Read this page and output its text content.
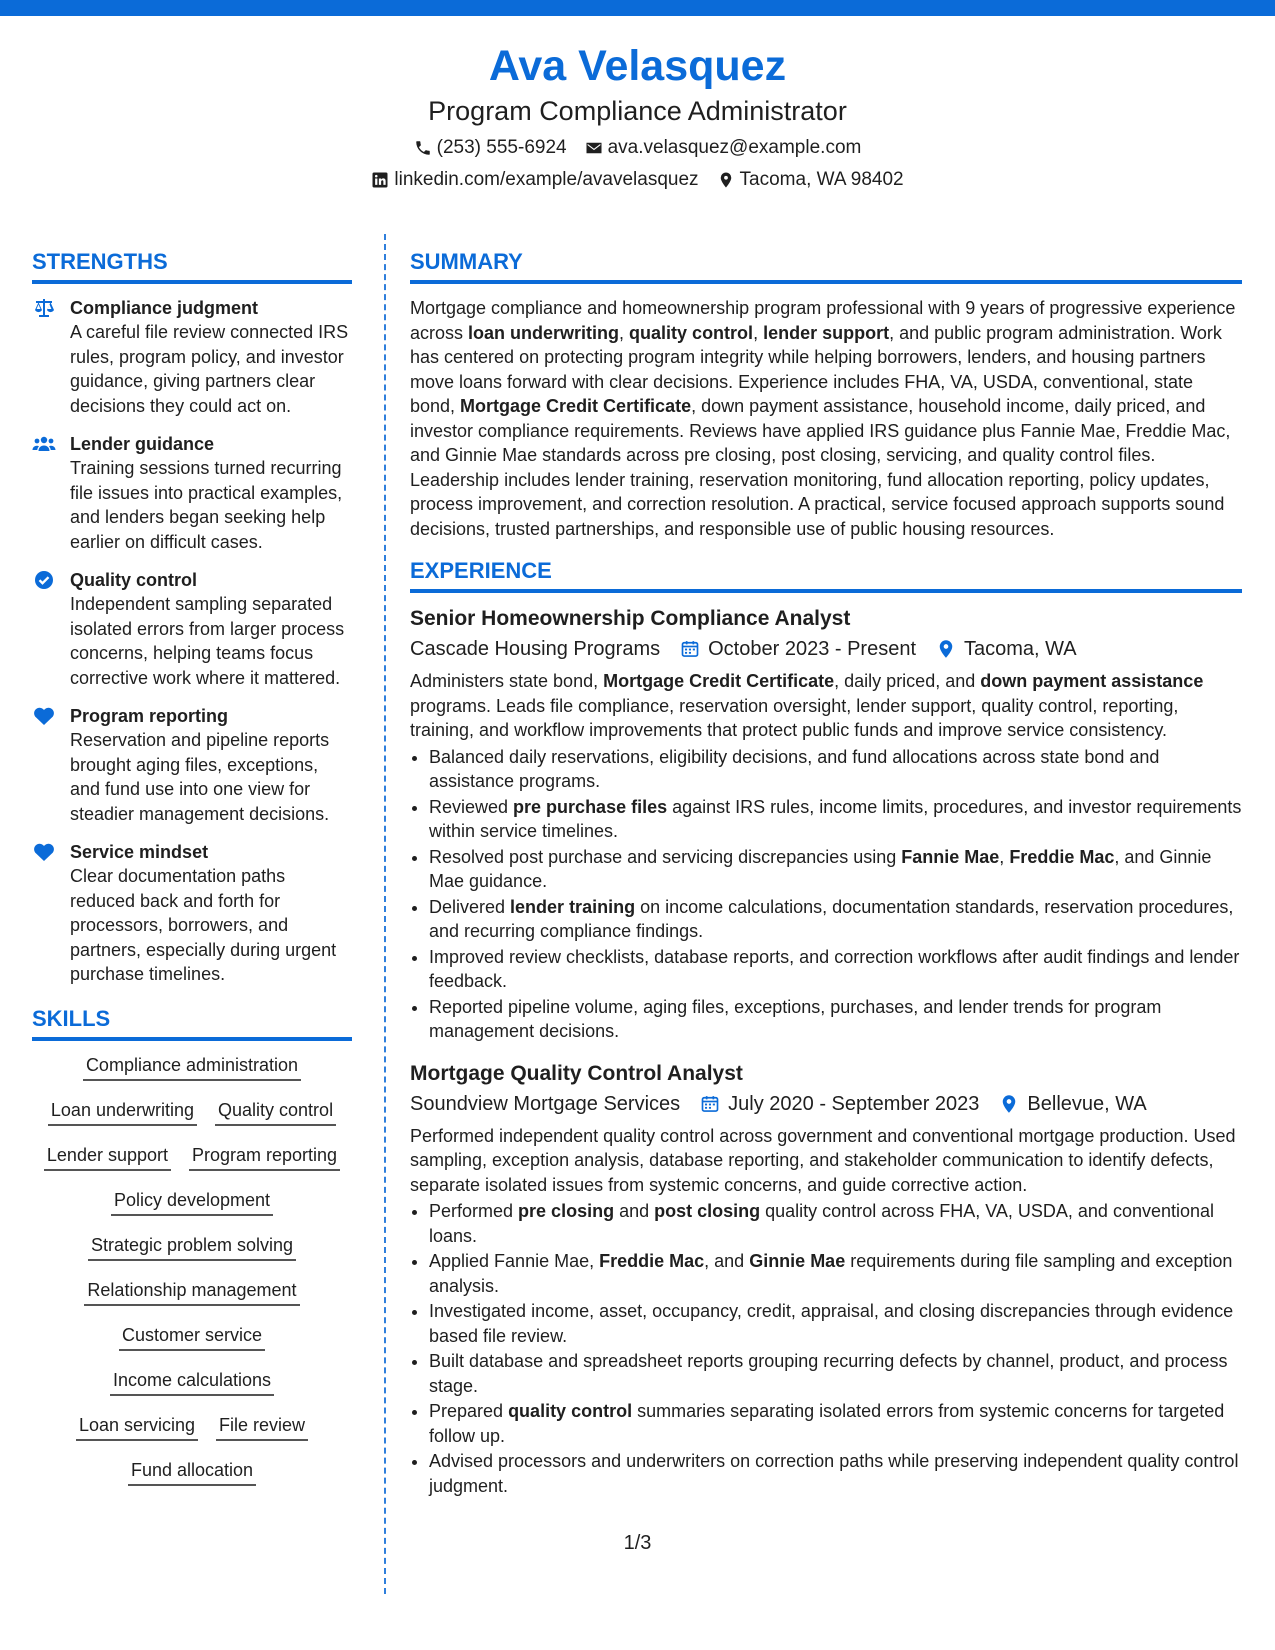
Ava Velasquez
Program Compliance Administrator
(253) 555-6924 ava.velasquez@example.com
linkedin.com/example/avavelasquez Tacoma, WA 98402
STRENGTHS
Compliance judgment
A careful file review connected IRS rules, program policy, and investor guidance, giving partners clear decisions they could act on.
Lender guidance
Training sessions turned recurring file issues into practical examples, and lenders began seeking help earlier on difficult cases.
Quality control
Independent sampling separated isolated errors from larger process concerns, helping teams focus corrective work where it mattered.
Program reporting
Reservation and pipeline reports brought aging files, exceptions, and fund use into one view for steadier management decisions.
Service mindset
Clear documentation paths reduced back and forth for processors, borrowers, and partners, especially during urgent purchase timelines.
SKILLS
Compliance administration
Loan underwriting Quality control
Lender support Program reporting
Policy development
Strategic problem solving
Relationship management
Customer service
Income calculations
Loan servicing File review
Fund allocation
SUMMARY

Mortgage compliance and homeownership program professional with 9 years of progressive experience across loan underwriting, quality control, lender support, and public program administration. Work has centered on protecting program integrity while helping borrowers, lenders, and housing partners move loans forward with clear decisions. Experience includes FHA, VA, USDA, conventional, state bond, Mortgage Credit Certificate, down payment assistance, household income, daily priced, and investor compliance requirements. Reviews have applied IRS guidance plus Fannie Mae, Freddie Mac, and Ginnie Mae standards across pre closing, post closing, servicing, and quality control files. Leadership includes lender training, reservation monitoring, fund allocation reporting, policy updates, process improvement, and correction resolution. A practical, service focused approach supports sound decisions, trusted partnerships, and responsible use of public housing resources.

EXPERIENCE
Senior Homeownership Compliance Analyst
Cascade Housing Programs October 2023 - Present Tacoma, WA

Administers state bond, Mortgage Credit Certificate, daily priced, and down payment assistance programs. Leads file compliance, reservation oversight, lender support, quality control, reporting, training, and workflow improvements that protect public funds and improve service consistency.

• Balanced daily reservations, eligibility decisions, and fund allocations across state bond and assistance programs.
• Reviewed pre purchase files against IRS rules, income limits, procedures, and investor requirements within service timelines.
• Resolved post purchase and servicing discrepancies using Fannie Mae, Freddie Mac, and Ginnie Mae guidance.
• Delivered lender training on income calculations, documentation standards, reservation procedures, and recurring compliance findings.
• Improved review checklists, database reports, and correction workflows after audit findings and lender feedback.
• Reported pipeline volume, aging files, exceptions, purchases, and lender trends for program management decisions.
Mortgage Quality Control Analyst
Soundview Mortgage Services July 2020 - September 2023 Bellevue, WA

Performed independent quality control across government and conventional mortgage production. Used sampling, exception analysis, database reporting, and stakeholder communication to identify defects, separate isolated issues from systemic concerns, and guide corrective action.

• Performed pre closing and post closing quality control across FHA, VA, USDA, and conventional loans.
• Applied Fannie Mae, Freddie Mac, and Ginnie Mae requirements during file sampling and exception analysis.
• Investigated income, asset, occupancy, credit, appraisal, and closing discrepancies through evidence based file review.
• Built database and spreadsheet reports grouping recurring defects by channel, product, and process stage.
• Prepared quality control summaries separating isolated errors from systemic concerns for targeted follow up.
• Advised processors and underwriters on correction paths while preserving independent quality control judgment.
1/3
